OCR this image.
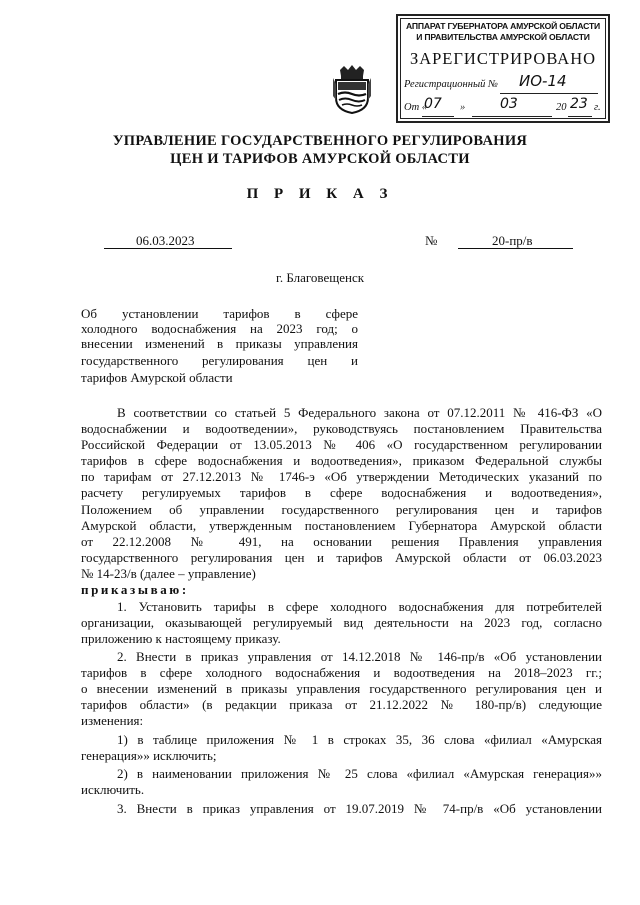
АППАРАТ ГУБЕРНАТОРА АМУРСКОЙ ОБЛАСТИ
И ПРАВИТЕЛЬСТВА АМУРСКОЙ ОБЛАСТИ
ЗАРЕГИСТРИРОВАНО
Регистрационный № ИО-14
От «
07 » 03	20 23 г.
УПРАВЛЕНИЕ ГОСУДАРСТВЕННОГО РЕГУЛИРОВАНИЯ
ЦЕН И ТАРИФОВ АМУРСКОЙ ОБЛАСТИ
П Р И К А З
06.03.2023	№	20-пр/в
г. Благовещенск
Об установлении тарифов в сфере
холодного водоснабжения на 2023 год; о
внесении изменений в приказы управления
государственного регулирования цен и
тарифов Амурской области
В соответствии со статьей 5 Федерального закона от 07.12.2011 № 416-ФЗ «О
водоснабжении и водоотведении», руководствуясь постановлением Правительства
Российской Федерации от 13.05.2013 № 406 «О государственном регулировании
тарифов в сфере водоснабжения и водоотведения», приказом Федеральной службы
по тарифам от 27.12.2013 № 1746-э «Об утверждении Методических указаний по
расчету регулируемых тарифов в сфере водоснабжения и водоотведения»,
Положением об управлении государственного регулирования цен и тарифов
Амурской области, утвержденным постановлением Губернатора Амурской области
от 22.12.2008 № 491, на основании решения Правления управления
государственного регулирования цен и тарифов Амурской области от 06.03.2023
№ 14-23/в (далее – управление)
приказываю:
1. Установить тарифы в сфере холодного водоснабжения для потребителей
организации, оказывающей регулируемый вид деятельности на 2023 год, согласно
приложению к настоящему приказу.
2. Внести в приказ управления от 14.12.2018 № 146-пр/в «Об установлении
тарифов в сфере холодного водоснабжения и водоотведения на 2018–2023 гг.;
о внесении изменений в приказы управления государственного регулирования цен и
тарифов области» (в редакции приказа от 21.12.2022 № 180-пр/в) следующие
изменения:
1) в таблице приложения № 1 в строках 35, 36 слова «филиал «Амурская
генерация»» исключить;
2) в наименовании приложения № 25 слова «филиал «Амурская генерация»»
исключить.
3. Внести в приказ управления от 19.07.2019 № 74-пр/в «Об установлении
